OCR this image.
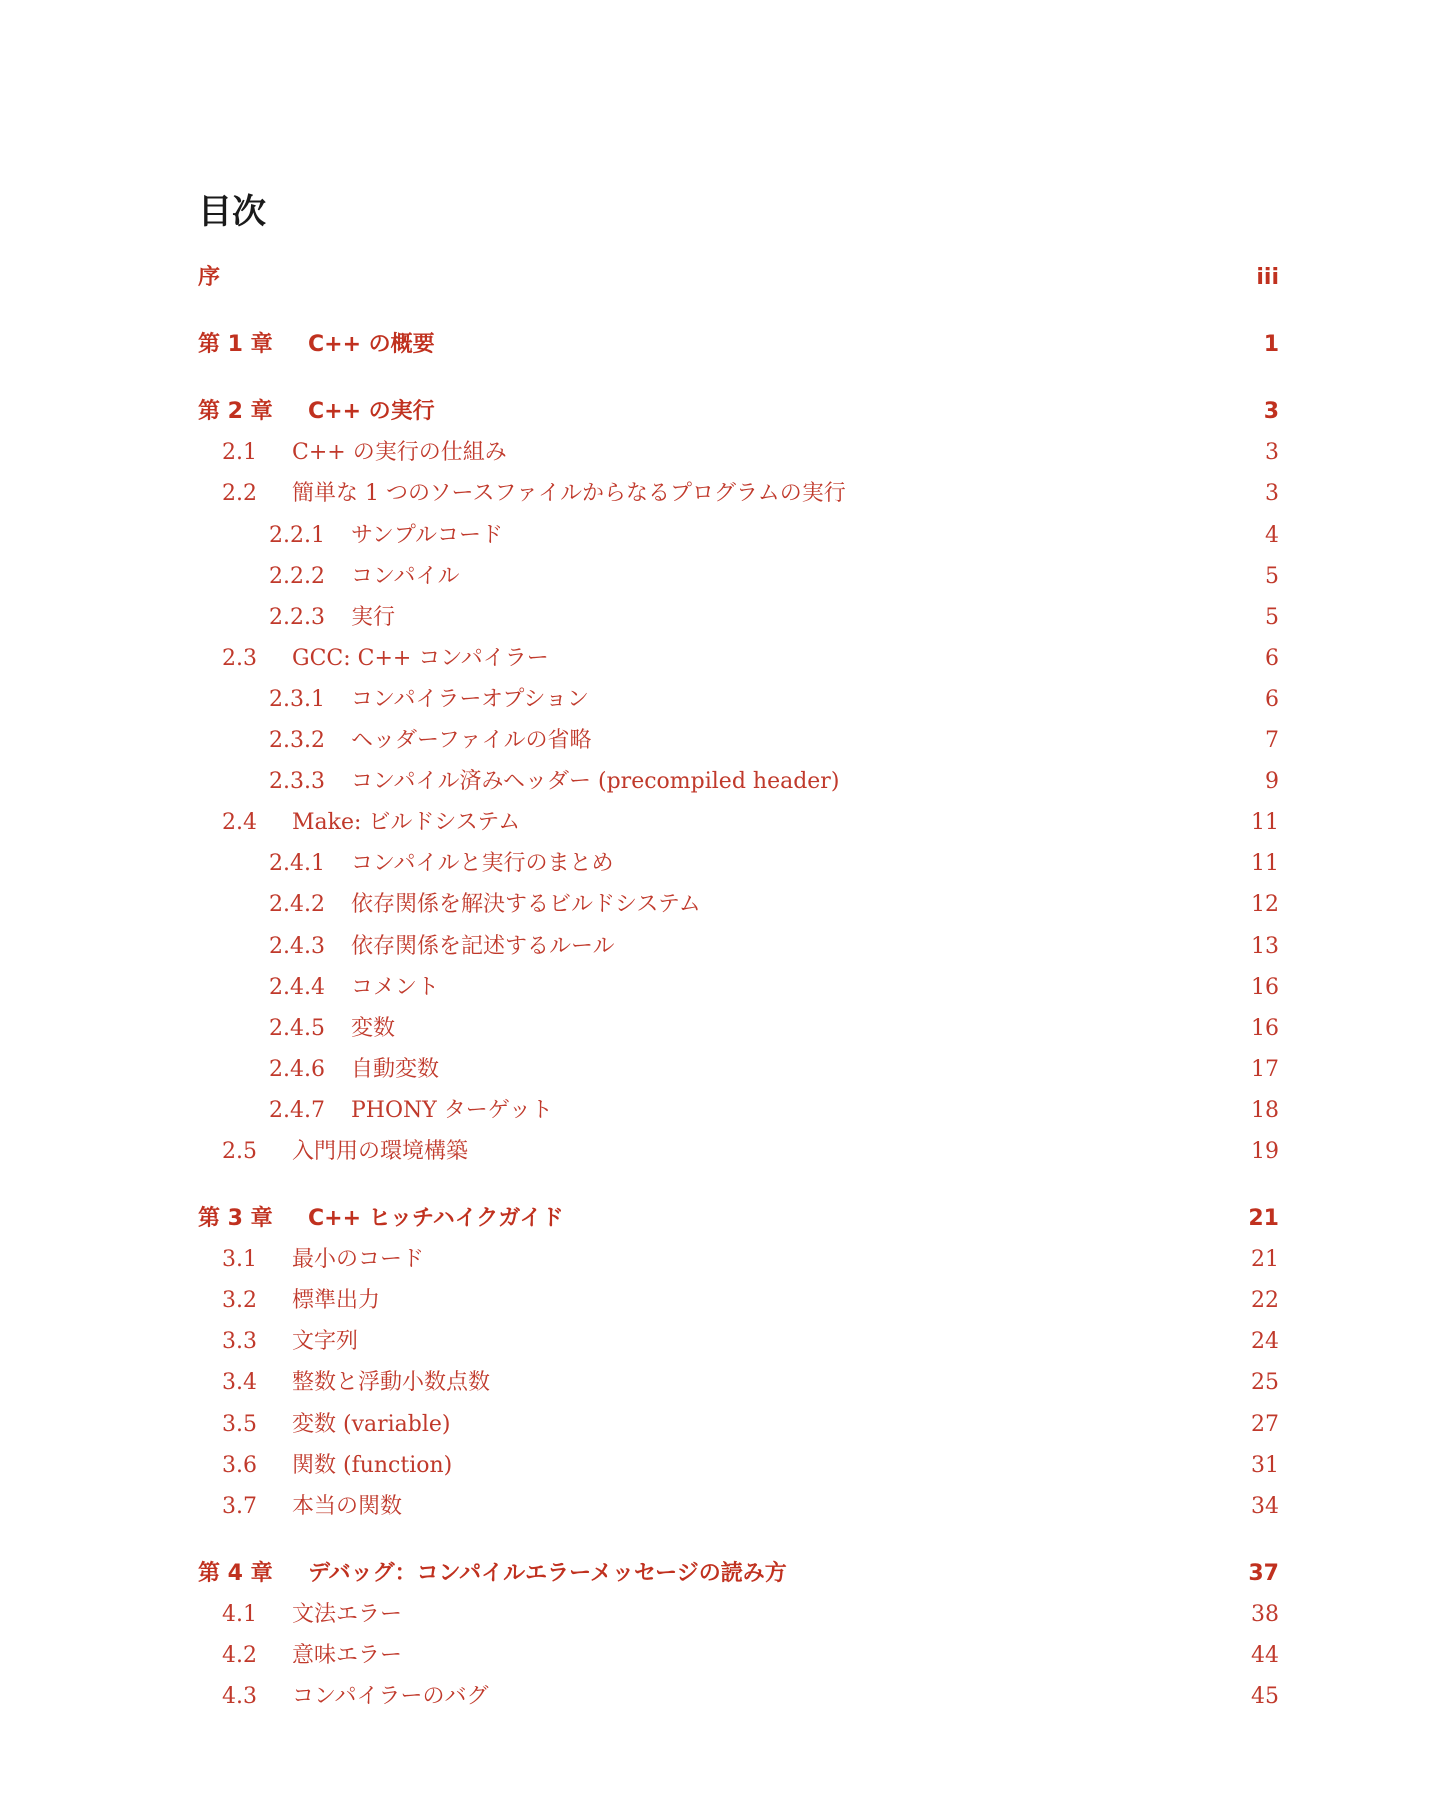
目次
序	iii
第 1 章	C++ の概要	1
第 2 章	C++ の実行	3
2.1	C++ の実行の仕組み	3
2.2	簡単な 1 つのソースファイルからなるプログラムの実行	3
2.2.1	サンプルコード	4
2.2.2	コンパイル	5
2.2.3	実行	5
2.3	GCC: C++ コンパイラー	6
2.3.1	コンパイラーオプション	6
2.3.2	ヘッダーファイルの省略	7
2.3.3	コンパイル済みヘッダー (precompiled header)	9
2.4	Make: ビルドシステム	11
2.4.1	コンパイルと実行のまとめ	11
2.4.2	依存関係を解決するビルドシステム	12
2.4.3	依存関係を記述するルール	13
2.4.4	コメント	16
2.4.5	変数	16
2.4.6	自動変数	17
2.4.7	PHONY ターゲット	18
2.5	入門用の環境構築	19
第 3 章	C++ ヒッチハイクガイド	21
3.1	最小のコード	21
3.2	標準出力	22
3.3	文字列	24
3.4	整数と浮動小数点数	25
3.5	変数 (variable)	27
3.6	関数 (function)	31
3.7	本当の関数	34
第 4 章	デバッグ：コンパイルエラーメッセージの読み方	37
4.1	文法エラー	38
4.2	意味エラー	44
4.3	コンパイラーのバグ	45
